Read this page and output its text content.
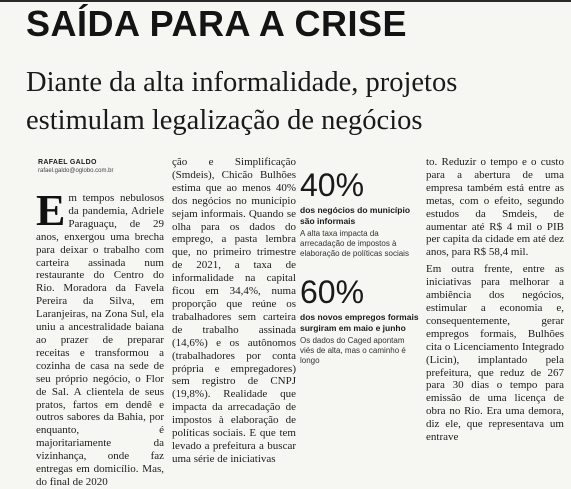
SAÍDA PARA A CRISE
Diante da alta informalidade, projetos
estimulam legalização de negócios
RAFAEL GALDO
rafael.galdo@oglobo.com.br

E m tempos nebulosos da pandemia, Adriele Paraguaçu, de 29 anos, enxergou uma brecha para deixar o trabalho com carteira assinada num restaurante do Centro do Rio. Moradora da Favela Pereira da Silva, em Laranjeiras, na Zona Sul, ela uniu a ancestralidade baiana ao prazer de preparar receitas e transformou a cozinha de casa na sede de seu próprio negócio, o Flor de Sal. A clientela de seus pratos, fartos em dendê e outros sabores da Bahia, por enquanto, é majoritariamente da vizinhança, onde faz entregas em domicílio. Mas, do final de 2020

ção e Simplificação (Smdeis), Chicão Bulhões estima que ao menos 40% dos negócios no município sejam informais. Quando se olha para os dados do emprego, a pasta lembra que, no primeiro trimestre de 2021, a taxa de informalidade na capital ficou em 34,4%, numa proporção que reúne os trabalhadores sem carteira de trabalho assinada (14,6%) e os autônomos (trabalhadores por conta própria e empregadores) sem registro de CNPJ (19,8%). Realidade que impacta da arrecadação de impostos à elaboração de políticas sociais. E que tem levado a prefeitura a buscar uma série de iniciativas

40%
dos negócios do município são informais
A alta taxa impacta da arrecadação de impostos à elaboração de políticas sociais
60%
dos novos empregos formais surgiram em maio e junho
Os dados do Caged apontam viés de alta, mas o caminho é longo

to. Reduzir o tempo e o custo para a abertura de uma empresa também está entre as metas, com o efeito, segundo estudos da Smdeis, de aumentar até R$ 4 mil o PIB per capita da cidade em até dez anos, para R$ 58,4 mil.

Em outra frente, entre as iniciativas para melhorar a ambiência dos negócios, estimular a economia e, consequentemente, gerar empregos formais, Bulhões cita o Licenciamento Integrado (Licin), implantado pela prefeitura, que reduz de 267 para 30 dias o tempo para emissão de uma licença de obra no Rio. Era uma demora, diz ele, que representava um entrave
